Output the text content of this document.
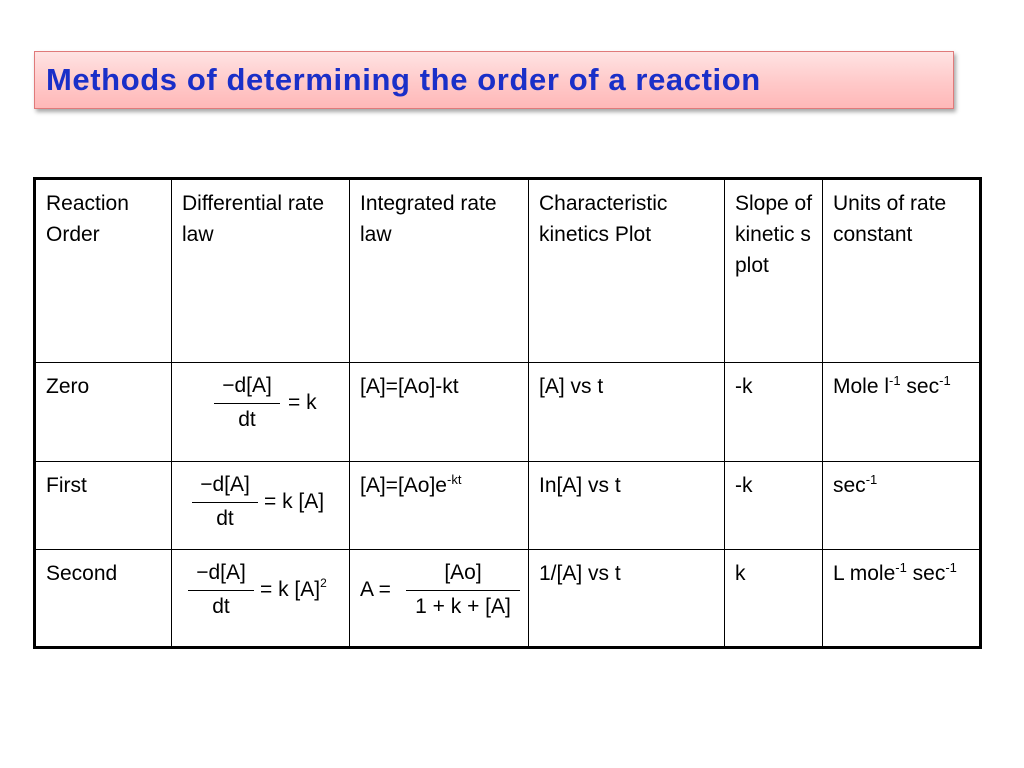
Methods of determining the order of a reaction
Reaction Order	Differential rate law	Integrated rate law	Characteristic kinetics Plot	Slope of kinetic s plot	Units of rate constant
Zero	−d[A]
dt
= k	[A]=[Ao]-kt	[A] vs t	-k	Mole $l^{-1}$ $\sec^{-1}$
First	−d[A]
dt
= k [A]	$[A]=[Ao]e^{-kt}$	In[A] vs t	-k	$\sec^{-1}$
Second	−d[A]
dt
= k $[A]^2$	A =
[Ao]
1 + k + [A]	1/[A] vs t	k	L mole$^{-1}$ $\sec^{-1}$
